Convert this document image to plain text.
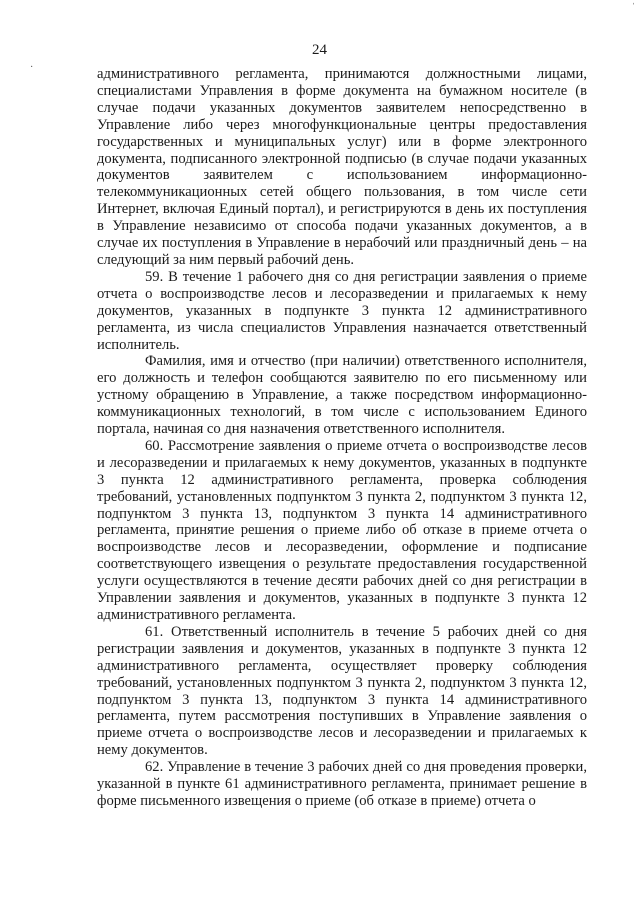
24
ˈ
·	административного регламента, принимаются должностными лицами, специалистами Управления в форме документа на бумажном носителе (в случае подачи указанных документов заявителем непосредственно в Управление либо через многофункциональные центры предоставления государственных и муниципальных услуг) или в форме электронного документа, подписанного электронной подписью (в случае подачи указанных документов заявителем с использованием информационно-телекоммуникационных сетей общего пользования, в том числе сети Интернет, включая Единый портал), и регистрируются в день их поступления в Управление независимо от способа подачи указанных документов, а в случае их поступления в Управление в нерабочий или праздничный день – на следующий за ним первый рабочий день.

59. В течение 1 рабочего дня со дня регистрации заявления о приеме отчета о воспроизводстве лесов и лесоразведении и прилагаемых к нему документов, указанных в подпункте 3 пункта 12 административного регламента, из числа специалистов Управления назначается ответственный исполнитель.

Фамилия, имя и отчество (при наличии) ответственного исполнителя, его должность и телефон сообщаются заявителю по его письменному или устному обращению в Управление, а также посредством информационно-коммуникационных технологий, в том числе с использованием Единого портала, начиная со дня назначения ответственного исполнителя.

60. Рассмотрение заявления о приеме отчета о воспроизводстве лесов и лесоразведении и прилагаемых к нему документов, указанных в подпункте 3 пункта 12 административного регламента, проверка соблюдения требований, установленных подпунктом 3 пункта 2, подпунктом 3 пункта 12, подпунктом 3 пункта 13, подпунктом 3 пункта 14 административного регламента, принятие решения о приеме либо об отказе в приеме отчета о воспроизводстве лесов и лесоразведении, оформление и подписание соответствующего извещения о результате предоставления государственной услуги осуществляются в течение десяти рабочих дней со дня регистрации в Управлении заявления и документов, указанных в подпункте 3 пункта 12 административного регламента.

61. Ответственный исполнитель в течение 5 рабочих дней со дня регистрации заявления и документов, указанных в подпункте 3 пункта 12 административного регламента, осуществляет проверку соблюдения требований, установленных подпунктом 3 пункта 2, подпунктом 3 пункта 12, подпунктом 3 пункта 13, подпунктом 3 пункта 14 административного регламента, путем рассмотрения поступивших в Управление заявления о приеме отчета о воспроизводстве лесов и лесоразведении и прилагаемых к нему документов.

62. Управление в течение 3 рабочих дней со дня проведения проверки, указанной в пункте 61 административного регламента, принимает решение в форме письменного извещения о приеме (об отказе в приеме) отчета о
